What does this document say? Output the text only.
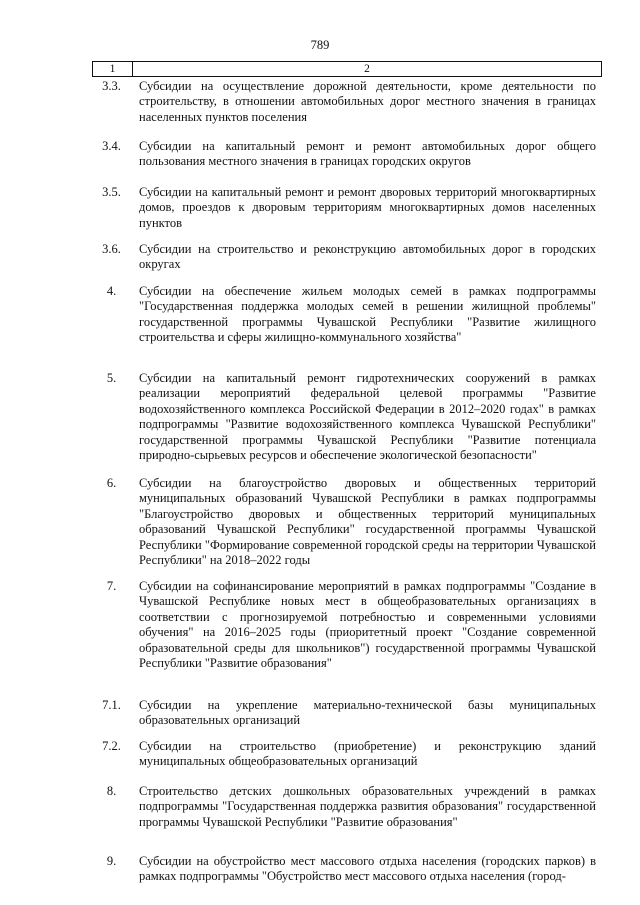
789
1	2
3.3.	Субсидии на осуществление дорожной деятельности, кроме деятельности по строительству, в отношении автомобильных дорог местного значения в границах населенных пунктов поселения
3.4.	Субсидии на капитальный ремонт и ремонт автомобильных дорог общего пользования местного значения в границах городских округов
3.5.	Субсидии на капитальный ремонт и ремонт дворовых территорий многоквартирных домов, проездов к дворовым территориям многоквартирных домов населенных пунктов
3.6.	Субсидии на строительство и реконструкцию автомобильных дорог в городских округах
4.	Субсидии на обеспечение жильем молодых семей в рамках подпрограммы "Государственная поддержка молодых семей в решении жилищной проблемы" государственной программы Чувашской Республики "Развитие жилищного строительства и сферы жилищно-коммунального хозяйства"
5.	Субсидии на капитальный ремонт гидротехнических сооружений в рамках реализации мероприятий федеральной целевой программы "Развитие водохозяйственного комплекса Российской Федерации в 2012–2020 годах" в рамках подпрограммы "Развитие водохозяйственного комплекса Чувашской Республики" государственной программы Чувашской Республики "Развитие потенциала природно-сырьевых ресурсов и обеспечение экологической безопасности"
6.	Субсидии на благоустройство дворовых и общественных территорий муниципальных образований Чувашской Республики в рамках подпрограммы "Благоустройство дворовых и общественных территорий муниципальных образований Чувашской Республики" государственной программы Чувашской Республики "Формирование современной городской среды на территории Чувашской Республики" на 2018–2022 годы
7.	Субсидии на софинансирование мероприятий в рамках подпрограммы "Создание в Чувашской Республике новых мест в общеобразовательных организациях в соответствии с прогнозируемой потребностью и современными условиями обучения" на 2016–2025 годы (приоритетный проект "Создание современной образовательной среды для школьников") государственной программы Чувашской Республики "Развитие образования"
7.1.	Субсидии на укрепление материально-технической базы муниципальных образовательных организаций
7.2.	Субсидии на строительство (приобретение) и реконструкцию зданий муниципальных общеобразовательных организаций
8.	Строительство детских дошкольных образовательных учреждений в рамках подпрограммы "Государственная поддержка развития образования" государственной программы Чувашской Республики "Развитие образования"
9.	Субсидии на обустройство мест массового отдыха населения (городских парков) в рамках подпрограммы "Обустройство мест массового отдыха населения (город-
